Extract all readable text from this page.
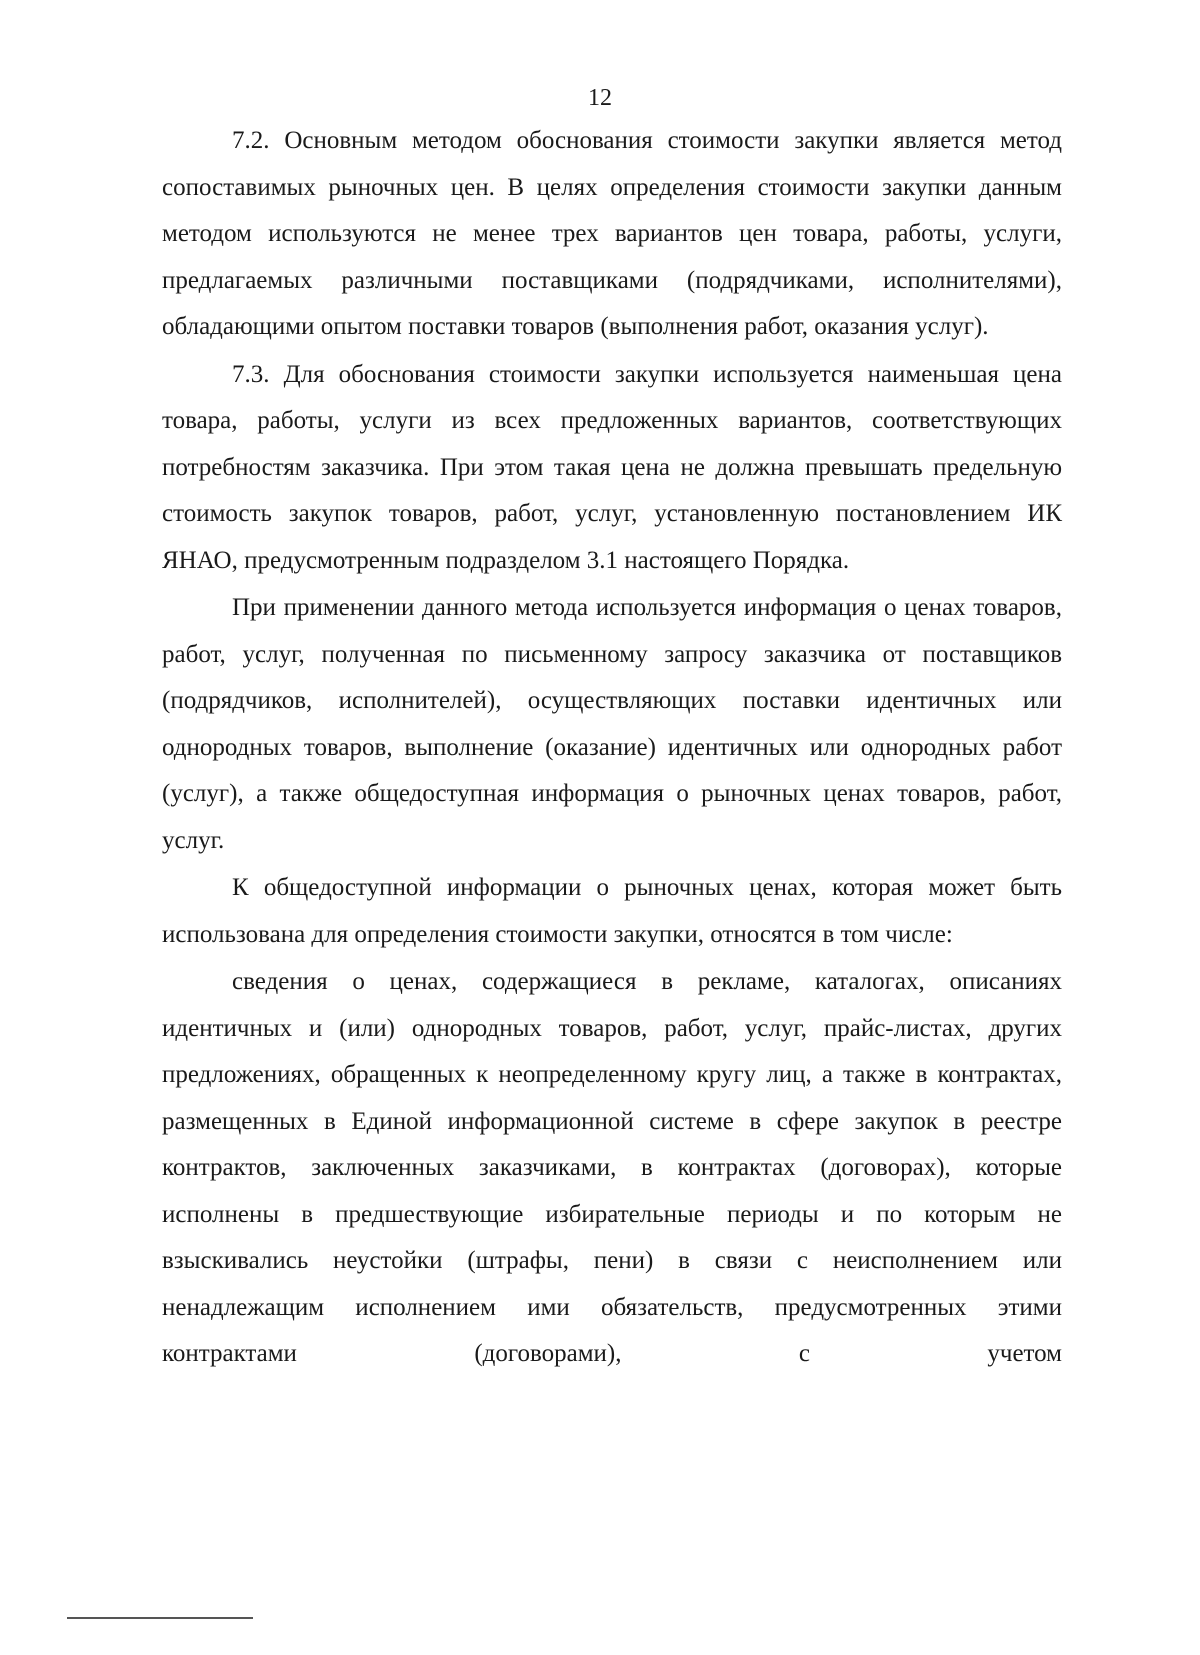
12

7.2. Основным методом обоснования стоимости закупки является метод сопоставимых рыночных цен. В целях определения стоимости закупки данным методом используются не менее трех вариантов цен товара, работы, услуги, предлагаемых различными поставщиками (подрядчиками, исполнителями), обладающими опытом поставки товаров (выполнения работ, оказания услуг).

7.3. Для обоснования стоимости закупки используется наименьшая цена товара, работы, услуги из всех предложенных вариантов, соответствующих потребностям заказчика. При этом такая цена не должна превышать предельную стоимость закупок товаров, работ, услуг, установленную постановлением ИК ЯНАО, предусмотренным подразделом 3.1 настоящего Порядка.

При применении данного метода используется информация о ценах товаров, работ, услуг, полученная по письменному запросу заказчика от поставщиков (подрядчиков, исполнителей), осуществляющих поставки идентичных или однородных товаров, выполнение (оказание) идентичных или однородных работ (услуг), а также общедоступная информация о рыночных ценах товаров, работ, услуг.

К общедоступной информации о рыночных ценах, которая может быть использована для определения стоимости закупки, относятся в том числе:

сведения о ценах, содержащиеся в рекламе, каталогах, описаниях идентичных и (или) однородных товаров, работ, услуг, прайс-листах, других предложениях, обращенных к неопределенному кругу лиц, а также в контрактах, размещенных в Единой информационной системе в сфере закупок в реестре контрактов, заключенных заказчиками, в контрактах (договорах), которые исполнены в предшествующие избирательные периоды и по которым не взыскивались неустойки (штрафы, пени) в связи с неисполнением или ненадлежащим исполнением ими обязательств, предусмотренных этими контрактами (договорами), с учетом
